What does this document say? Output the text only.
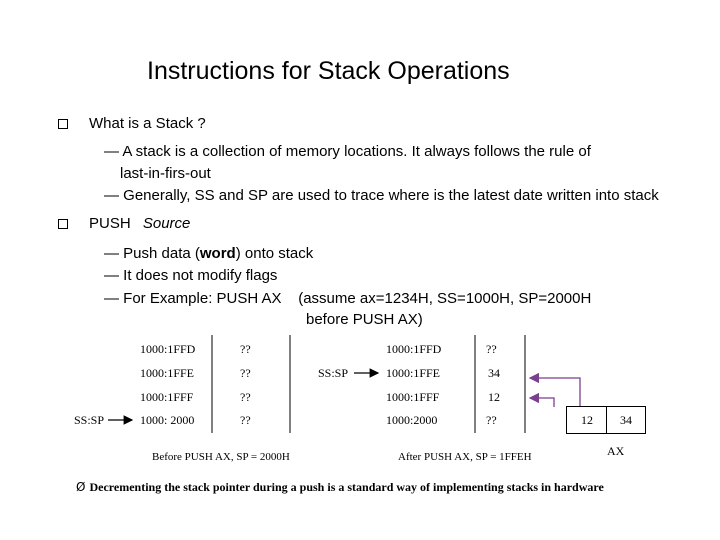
Instructions for Stack Operations
What is a Stack ?
— A stack is a collection of memory locations. It always follows the rule of
last-in-firs-out
— Generally, SS and SP are used to trace where is the latest date written into stack
PUSH Source
— Push data (word) onto stack
— It does not modify flags
— For Example: PUSH AX    (assume ax=1234H, SS=1000H, SP=2000H
before PUSH AX)
1000:1FFD	??
1000:1FFE	??
1000:1FFF	??
1000: 2000	??
SS:SP
Before PUSH AX, SP = 2000H
SS:SP
1000:1FFD	??
1000:1FFE	34
1000:1FFF	12
1000:2000	??
After PUSH AX, SP = 1FFEH
12 34
AX
Ø Decrementing the stack pointer during a push is a standard way of implementing stacks in hardware
